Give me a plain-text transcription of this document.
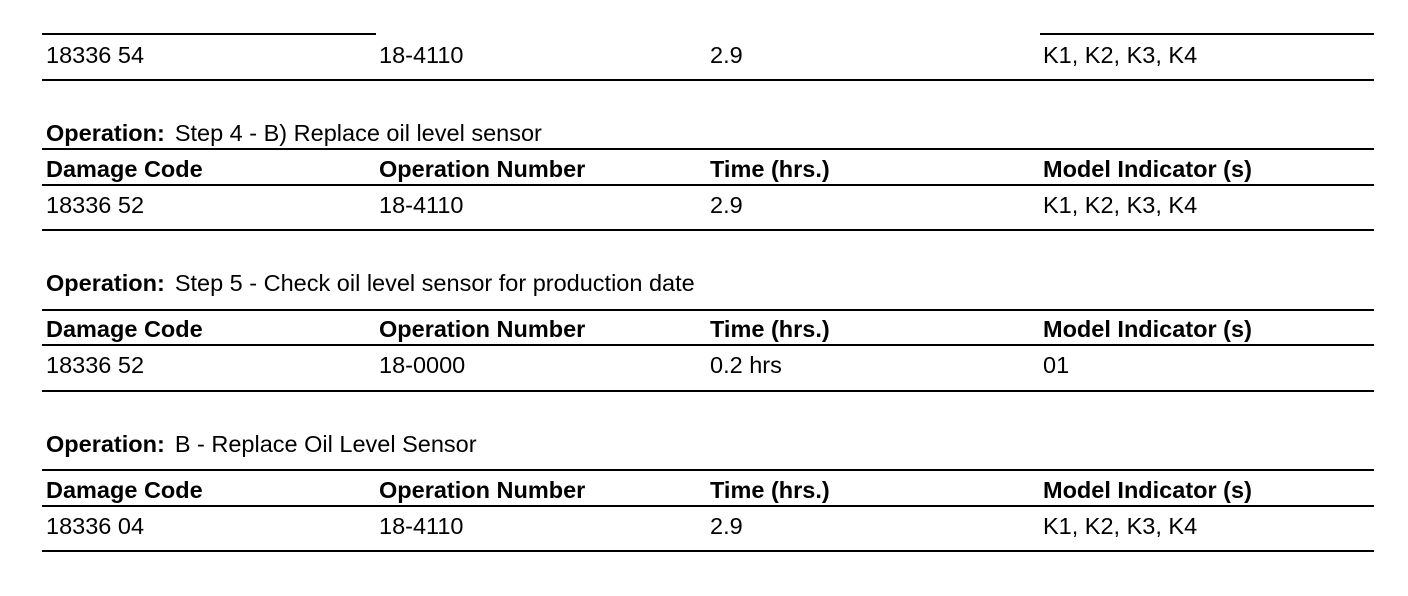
18336 54	18-4110	2.9	K1, K2, K3, K4
Operation: Step 4 - B) Replace oil level sensor
Damage Code	Operation Number	Time (hrs.)	Model Indicator (s)
18336 52	18-4110	2.9	K1, K2, K3, K4
Operation: Step 5 - Check oil level sensor for production date
Damage Code	Operation Number	Time (hrs.)	Model Indicator (s)
18336 52	18-0000	0.2 hrs	01
Operation: B - Replace Oil Level Sensor
Damage Code	Operation Number	Time (hrs.)	Model Indicator (s)
18336 04	18-4110	2.9	K1, K2, K3, K4
